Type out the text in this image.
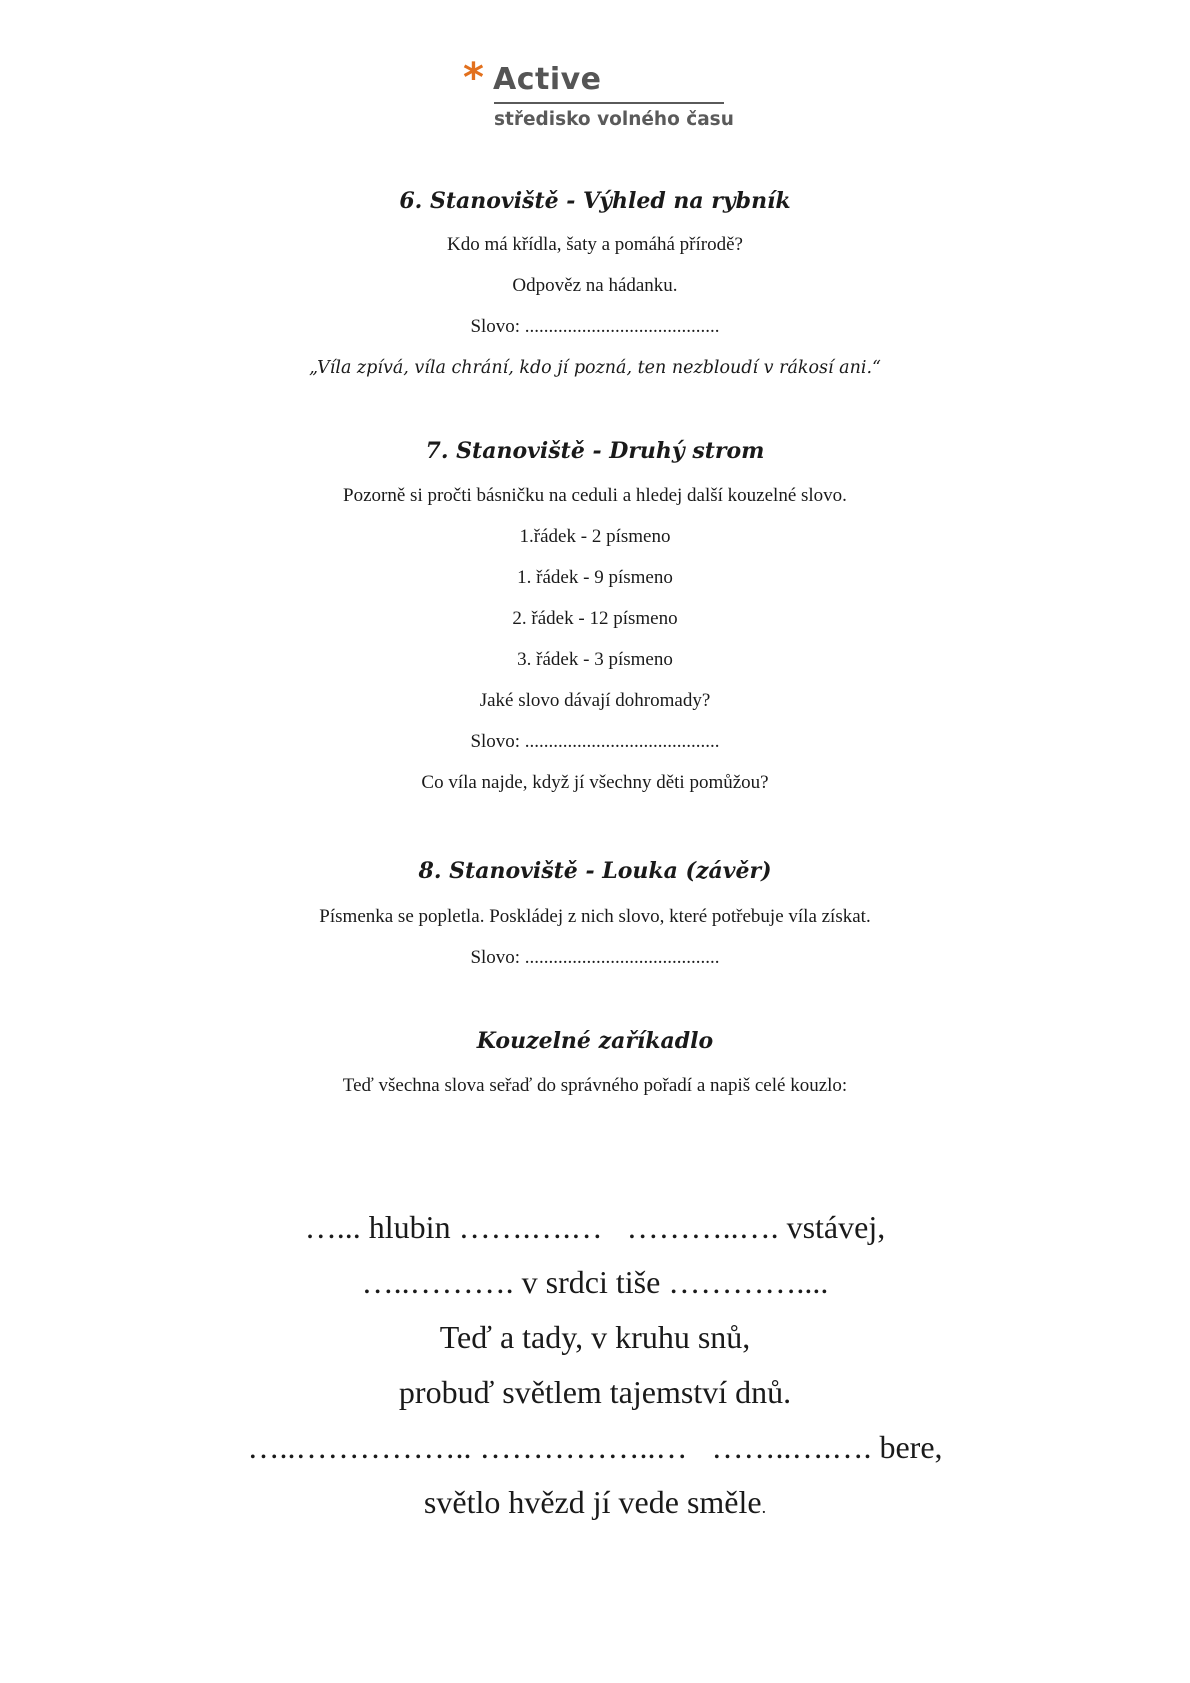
* Active
středisko volného času
6. Stanoviště - Výhled na rybník
Kdo má křídla, šaty a pomáhá přírodě?
Odpověz na hádanku.
Slovo: .........................................
„Víla zpívá, víla chrání, kdo jí pozná, ten nezbloudí v rákosí ani.“
7. Stanoviště - Druhý strom
Pozorně si pročti básničku na ceduli a hledej další kouzelné slovo.
1.řádek - 2 písmeno
1. řádek - 9 písmeno
2. řádek - 12 písmeno
3. řádek - 3 písmeno
Jaké slovo dávají dohromady?
Slovo: .........................................
Co víla najde, když jí všechny děti pomůžou?
8. Stanoviště - Louka (závěr)
Písmenka se popletla. Poskládej z nich slovo, které potřebuje víla získat.
Slovo: .........................................
Kouzelné zaříkadlo
Teď všechna slova seřaď do správného pořadí a napiš celé kouzlo:
…... hlubin …….….…   ………..…. vstávej,
…..………. v srdci tiše …………....
Teď a tady, v kruhu snů,
probuď světlem tajemství dnů.
…..…………….. ……………..…   ……..….…. bere,
světlo hvězd jí vede směle.
